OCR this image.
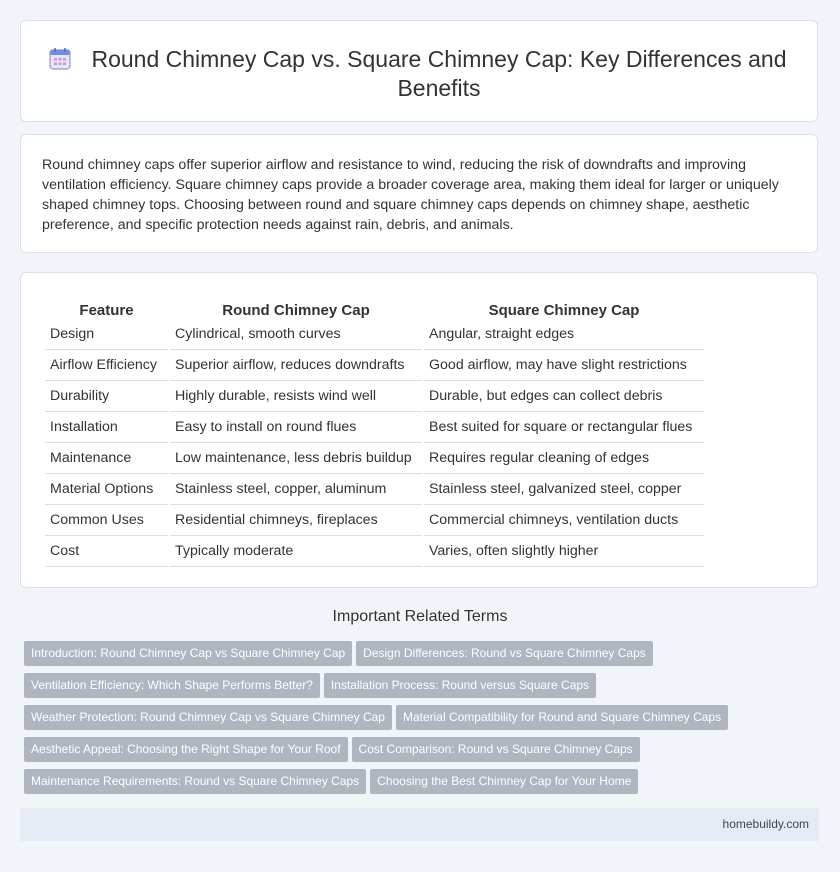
Round Chimney Cap vs. Square Chimney Cap: Key Differences and Benefits

Round chimney caps offer superior airflow and resistance to wind, reducing the risk of downdrafts and improving ventilation efficiency. Square chimney caps provide a broader coverage area, making them ideal for larger or uniquely shaped chimney tops. Choosing between round and square chimney caps depends on chimney shape, aesthetic preference, and specific protection needs against rain, debris, and animals.

Feature	Round Chimney Cap	Square Chimney Cap
Design	Cylindrical, smooth curves	Angular, straight edges
Airflow Efficiency	Superior airflow, reduces downdrafts	Good airflow, may have slight restrictions
Durability	Highly durable, resists wind well	Durable, but edges can collect debris
Installation	Easy to install on round flues	Best suited for square or rectangular flues
Maintenance	Low maintenance, less debris buildup	Requires regular cleaning of edges
Material Options	Stainless steel, copper, aluminum	Stainless steel, galvanized steel, copper
Common Uses	Residential chimneys, fireplaces	Commercial chimneys, ventilation ducts
Cost	Typically moderate	Varies, often slightly higher
Important Related Terms
Introduction: Round Chimney Cap vs Square Chimney Cap Design Differences: Round vs Square Chimney Caps
Ventilation Efficiency: Which Shape Performs Better? Installation Process: Round versus Square Caps
Weather Protection: Round Chimney Cap vs Square Chimney Cap Material Compatibility for Round and Square Chimney Caps
Aesthetic Appeal: Choosing the Right Shape for Your Roof Cost Comparison: Round vs Square Chimney Caps
Maintenance Requirements: Round vs Square Chimney Caps Choosing the Best Chimney Cap for Your Home
homebuildy.com
